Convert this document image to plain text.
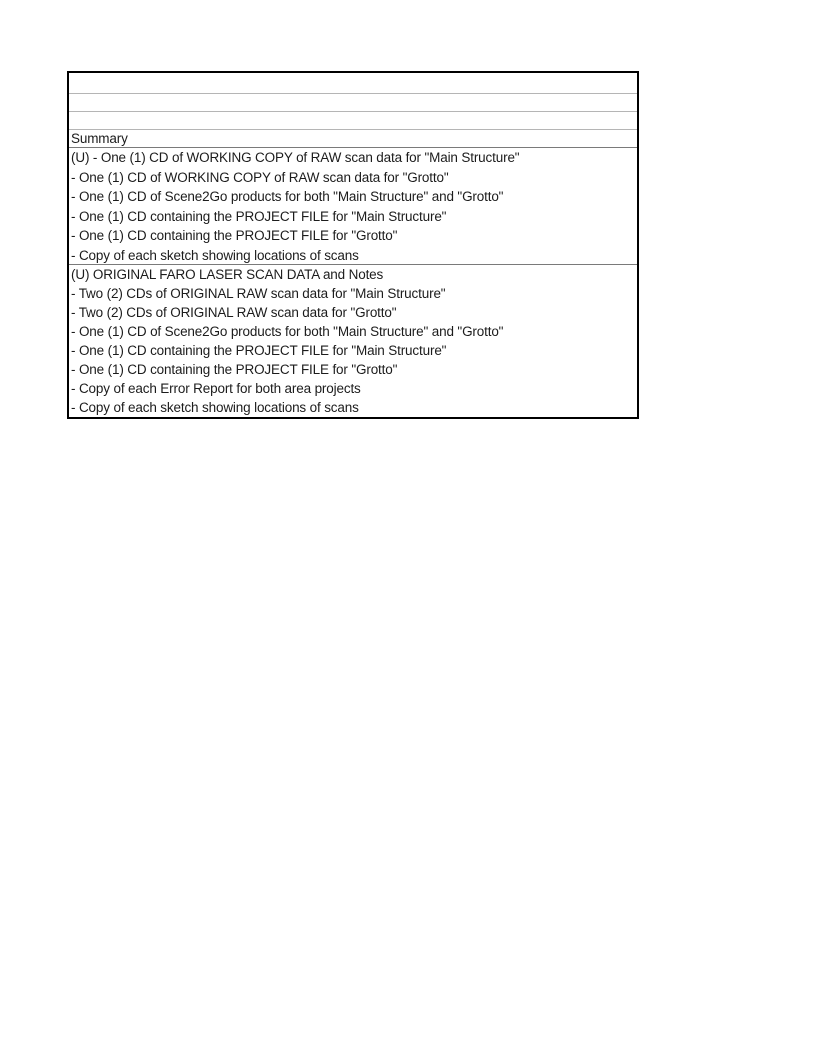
Summary
(U) - One (1) CD of WORKING COPY of RAW scan data for "Main Structure"
- One (1) CD of WORKING COPY of RAW scan data for "Grotto"
- One (1) CD of Scene2Go products for both "Main Structure" and "Grotto"
- One (1) CD containing the PROJECT FILE for "Main Structure"
- One (1) CD containing the PROJECT FILE for "Grotto"
- Copy of each sketch showing locations of scans
(U) ORIGINAL FARO LASER SCAN DATA and Notes
- Two (2) CDs of ORIGINAL RAW scan data for "Main Structure"
- Two (2) CDs of ORIGINAL RAW scan data for "Grotto"
- One (1) CD of Scene2Go products for both "Main Structure" and "Grotto"
- One (1) CD containing the PROJECT FILE for "Main Structure"
- One (1) CD containing the PROJECT FILE for "Grotto"
- Copy of each Error Report for both area projects
- Copy of each sketch showing locations of scans
